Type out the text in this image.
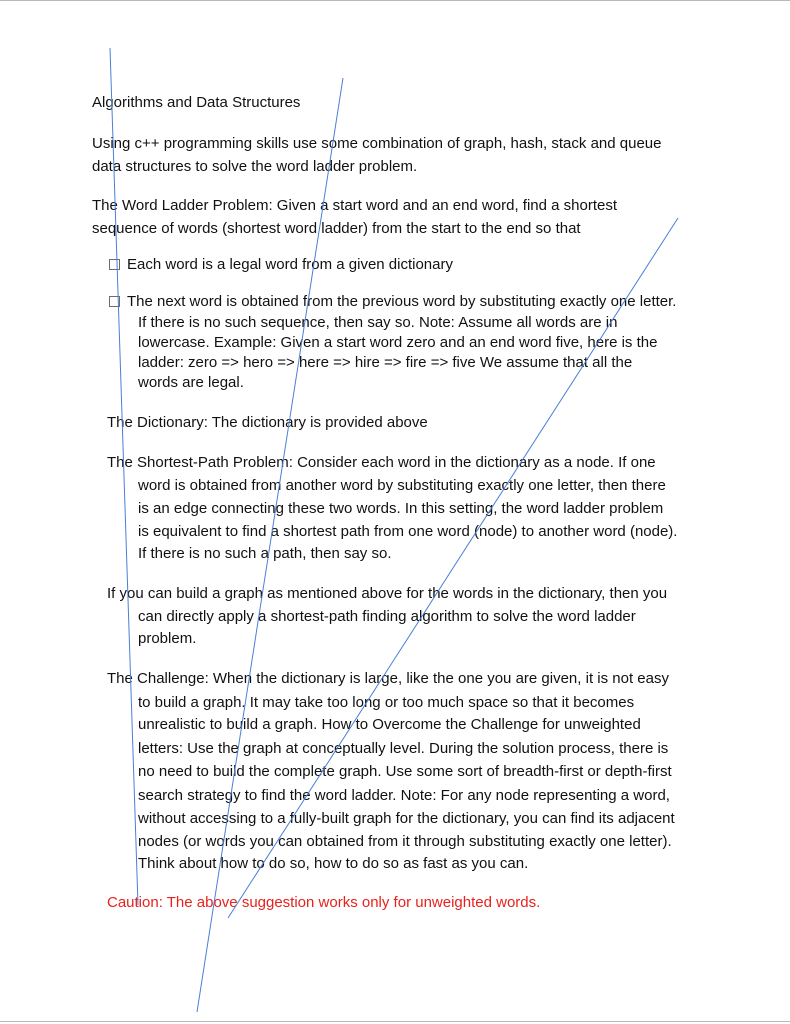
Algorithms and Data Structures
Using c++ programming skills use some combination of graph, hash, stack and queue
data structures to solve the word ladder problem.
The Word Ladder Problem: Given a start word and an end word, find a shortest
sequence of words (shortest word ladder) from the start to the end so that
Each word is a legal word from a given dictionary
The next word is obtained from the previous word by substituting exactly one letter.
If there is no such sequence, then say so. Note: Assume all words are in
lowercase. Example: Given a start word zero and an end word five, here is the
ladder: zero => hero => here => hire => fire => five We assume that all the
words are legal.
The Dictionary: The dictionary is provided above
The Shortest-Path Problem: Consider each word in the dictionary as a node. If one
word is obtained from another word by substituting exactly one letter, then there
is an edge connecting these two words. In this setting, the word ladder problem
is equivalent to find a shortest path from one word (node) to another word (node).
If there is no such a path, then say so.
If you can build a graph as mentioned above for the words in the dictionary, then you
can directly apply a shortest-path finding algorithm to solve the word ladder
problem.
The Challenge: When the dictionary is large, like the one you are given, it is not easy
to build a graph. It may take too long or too much space so that it becomes
unrealistic to build a graph. How to Overcome the Challenge for unweighted
letters: Use the graph at conceptually level. During the solution process, there is
no need to build the complete graph. Use some sort of breadth-first or depth-first
search strategy to find the word ladder. Note: For any node representing a word,
without accessing to a fully-built graph for the dictionary, you can find its adjacent
nodes (or words you can obtained from it through substituting exactly one letter).
Think about how to do so, how to do so as fast as you can.
Caution: The above suggestion works only for unweighted words.
